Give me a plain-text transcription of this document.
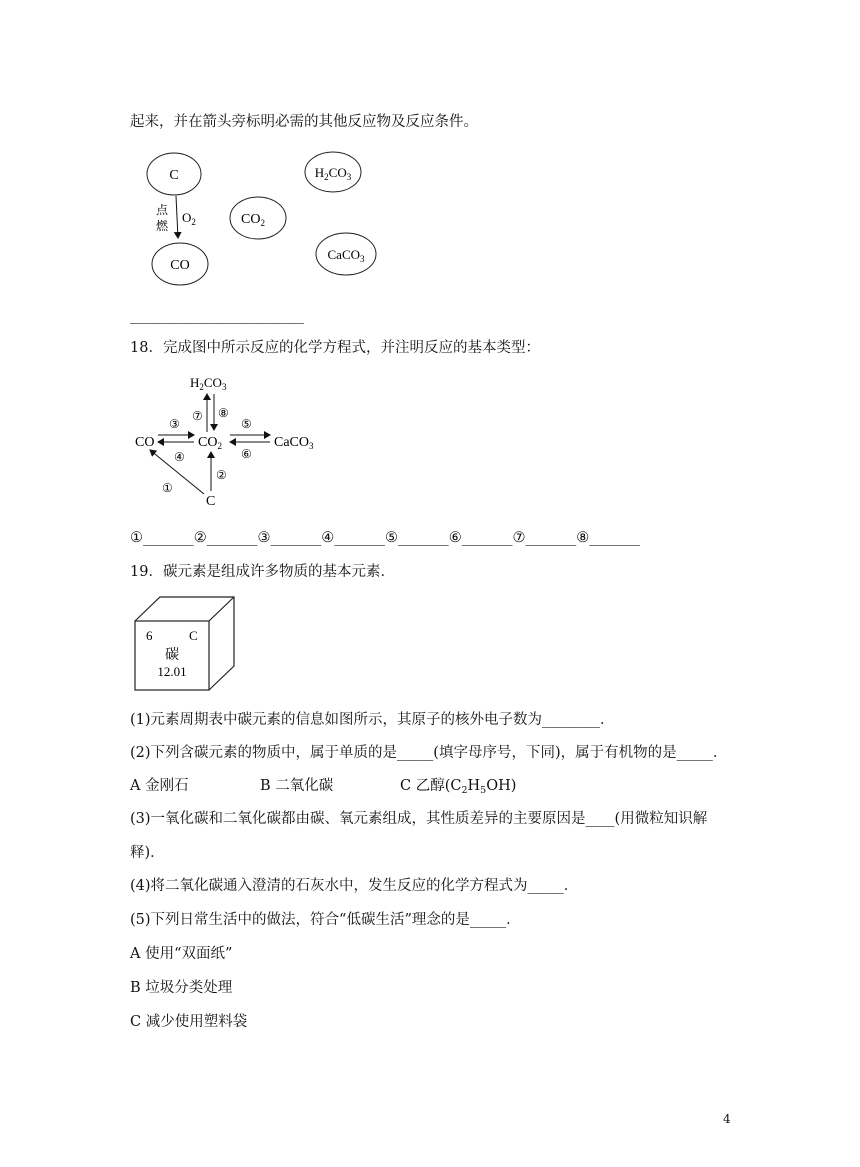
起来，并在箭头旁标明必需的其他反应物及反应条件。
C
CO
$CO_2$
$H_2CO_3$
CaCO$_3$
点
燃
$O_2$
________________________
18．完成图中所示反应的化学方程式，并注明反应的基本类型：
$H_2CO_3$
CO	$CO_2$	CaCO$_3$
C
⑦ ⑧
③
④
⑤
⑥
②
①
①_______②_______③_______④_______⑤_______⑥_______⑦_______⑧_______
19．碳元素是组成许多物质的基本元素．
6	C
碳
12.01
(1)元素周期表中碳元素的信息如图所示，其原子的核外电子数为________．
(2)下列含碳元素的物质中，属于单质的是_____(填字母序号，下同)，属于有机物的是_____．
A 金刚石	B 二氧化碳	C 乙醇$(C_2H_5OH)$
(3)一氧化碳和二氧化碳都由碳、氧元素组成，其性质差异的主要原因是____(用微粒知识解
释)．
(4)将二氧化碳通入澄清的石灰水中，发生反应的化学方程式为_____．
(5)下列日常生活中的做法，符合“低碳生活”理念的是_____．
A 使用“双面纸”
B 垃圾分类处理
C 减少使用塑料袋
4
